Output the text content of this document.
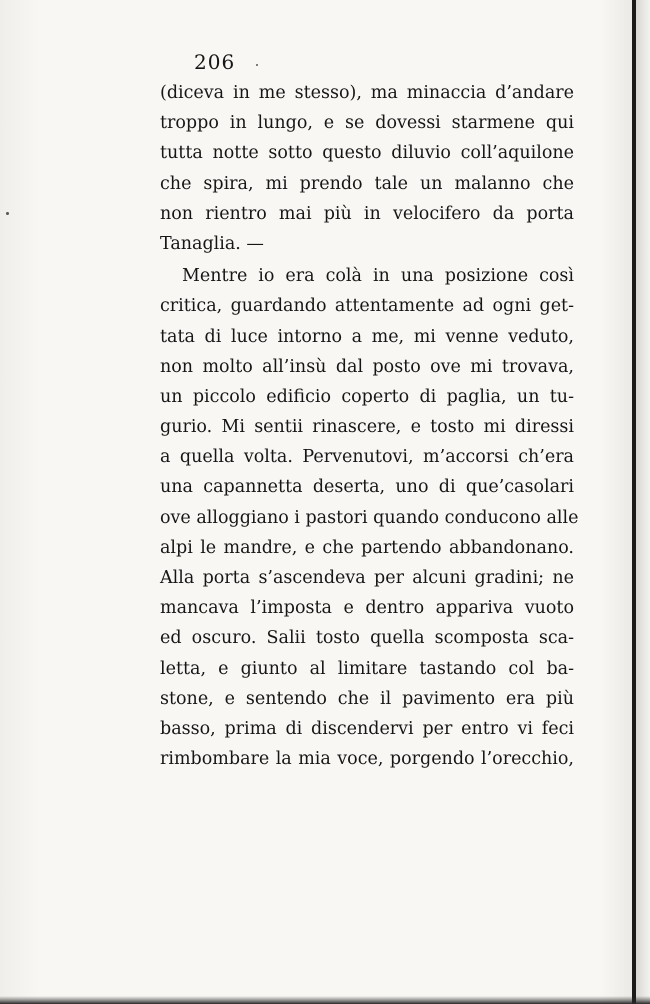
206
(diceva in me stesso), ma minaccia d’andare
troppo in lungo, e se dovessi starmene qui
tutta notte sotto questo diluvio coll’aquilone
che spira, mi prendo tale un malanno che
non rientro mai più in velocifero da porta
Tanaglia. —
Mentre io era colà in una posizione così
critica, guardando attentamente ad ogni get-
tata di luce intorno a me, mi venne veduto,
non molto all’insù dal posto ove mi trovava,
un piccolo edificio coperto di paglia, un tu-
gurio. Mi sentii rinascere, e tosto mi diressi
a quella volta. Pervenutovi, m’accorsi ch’era
una capannetta deserta, uno di que’casolari
ove alloggiano i pastori quando conducono alle
alpi le mandre, e che partendo abbandonano.
Alla porta s’ascendeva per alcuni gradini; ne
mancava l’imposta e dentro appariva vuoto
ed oscuro. Salii tosto quella scomposta sca-
letta, e giunto al limitare tastando col ba-
stone, e sentendo che il pavimento era più
basso, prima di discendervi per entro vi feci
rimbombare la mia voce, porgendo l’orecchio,
